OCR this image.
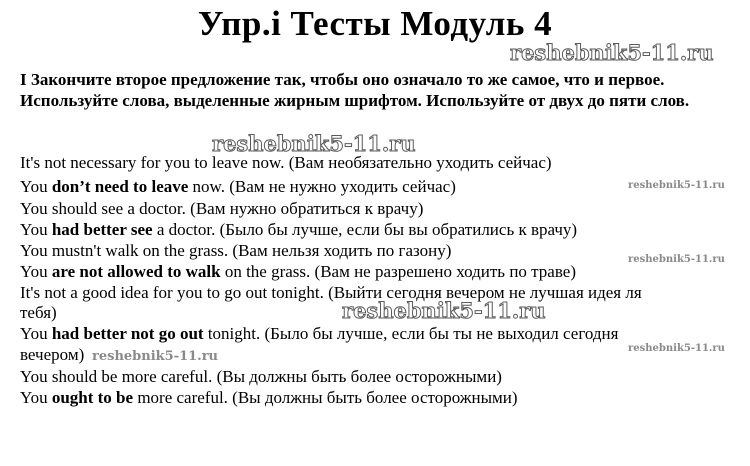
Упр.i Тесты Модуль 4
reshebnik5-11.ru
I Закончите второе предложение так, чтобы оно означало то же самое, что и первое. Используйте слова, выделенные жирным шрифтом. Используйте от двух до пяти слов.
reshebnik5-11.ru
It's not necessary for you to leave now. (Вам необязательно уходить сейчас)
You don’t need to leave now. (Вам не нужно уходить сейчас)	reshebnik5-11.ru
You should see a doctor. (Вам нужно обратиться к врачу)
You had better see a doctor. (Было бы лучше, если бы вы обратились к врачу)
You mustn't walk on the grass. (Вам нельзя ходить по газону)	reshebnik5-11.ru
You are not allowed to walk on the grass. (Вам не разрешено ходить по траве)
It's not a good idea for you to go out tonight. (Выйти сегодня вечером не лучшая идея ля
тебя)	reshebnik5-11.ru
You had better not go out tonight. (Было бы лучше, если бы ты не выходил сегодня
вечером) reshebnik5-11.ru
reshebnik5-11.ru
You should be more careful. (Вы должны быть более осторожными)
You ought to be more careful. (Вы должны быть более осторожными)
